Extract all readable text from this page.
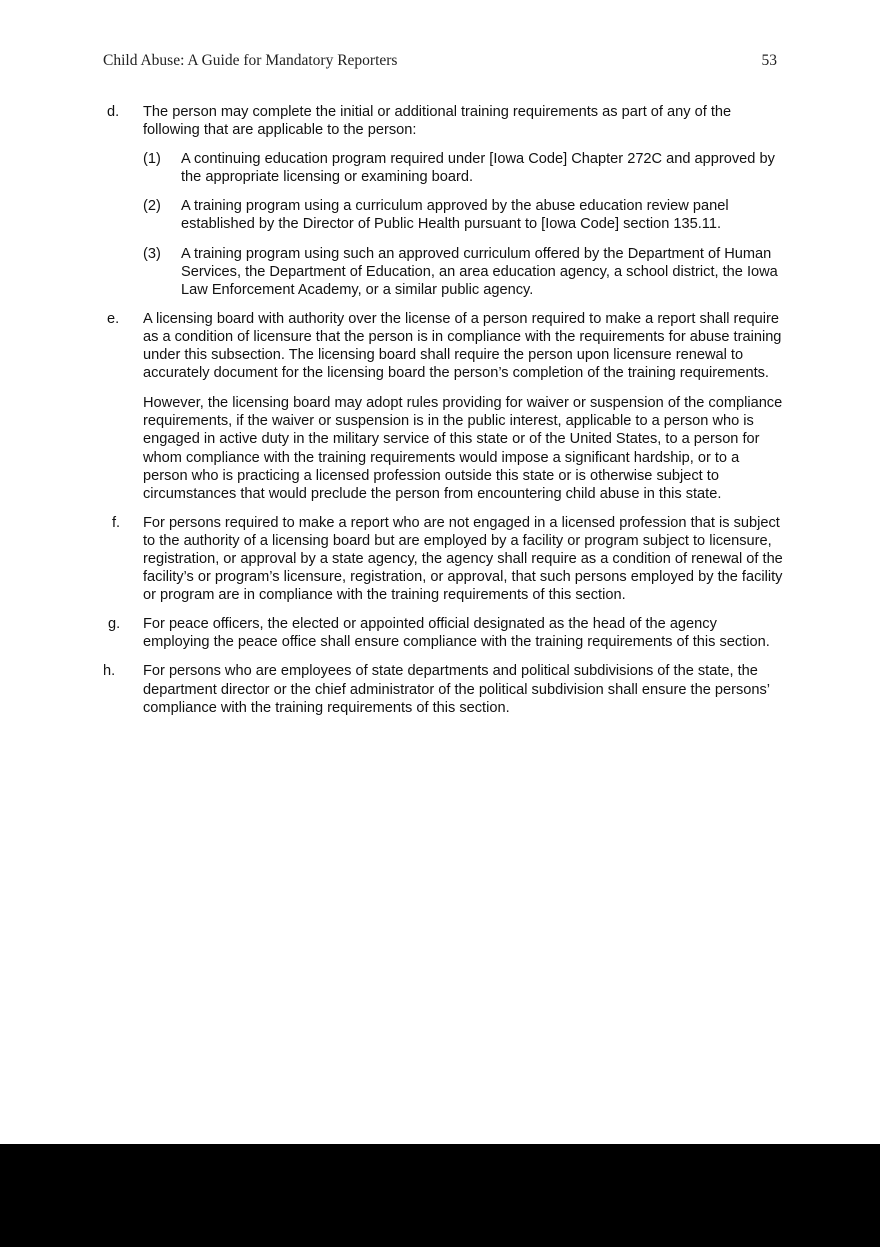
Child Abuse: A Guide for Mandatory Reporters	53
d. The person may complete the initial or additional training requirements as part of any of the following that are applicable to the person:

(1) A continuing education program required under [Iowa Code] Chapter 272C and approved by the appropriate licensing or examining board.

(2) A training program using a curriculum approved by the abuse education review panel established by the Director of Public Health pursuant to [Iowa Code] section 135.11.

(3) A training program using such an approved curriculum offered by the Department of Human Services, the Department of Education, an area education agency, a school district, the Iowa Law Enforcement Academy, or a similar public agency.

e. A licensing board with authority over the license of a person required to make a report shall require as a condition of licensure that the person is in compliance with the requirements for abuse training under this subsection. The licensing board shall require the person upon licensure renewal to accurately document for the licensing board the person’s completion of the training requirements.

However, the licensing board may adopt rules providing for waiver or suspension of the compliance requirements, if the waiver or suspension is in the public interest, applicable to a person who is engaged in active duty in the military service of this state or of the United States, to a person for whom compliance with the training requirements would impose a significant hardship, or to a person who is practicing a licensed profession outside this state or is otherwise subject to circumstances that would preclude the person from encountering child abuse in this state.

f. For persons required to make a report who are not engaged in a licensed profession that is subject to the authority of a licensing board but are employed by a facility or program subject to licensure, registration, or approval by a state agency, the agency shall require as a condition of renewal of the facility’s or program’s licensure, registration, or approval, that such persons employed by the facility or program are in compliance with the training requirements of this section.

g. For peace officers, the elected or appointed official designated as the head of the agency employing the peace office shall ensure compliance with the training requirements of this section.

h. For persons who are employees of state departments and political subdivisions of the state, the department director or the chief administrator of the political subdivision shall ensure the persons’ compliance with the training requirements of this section.
